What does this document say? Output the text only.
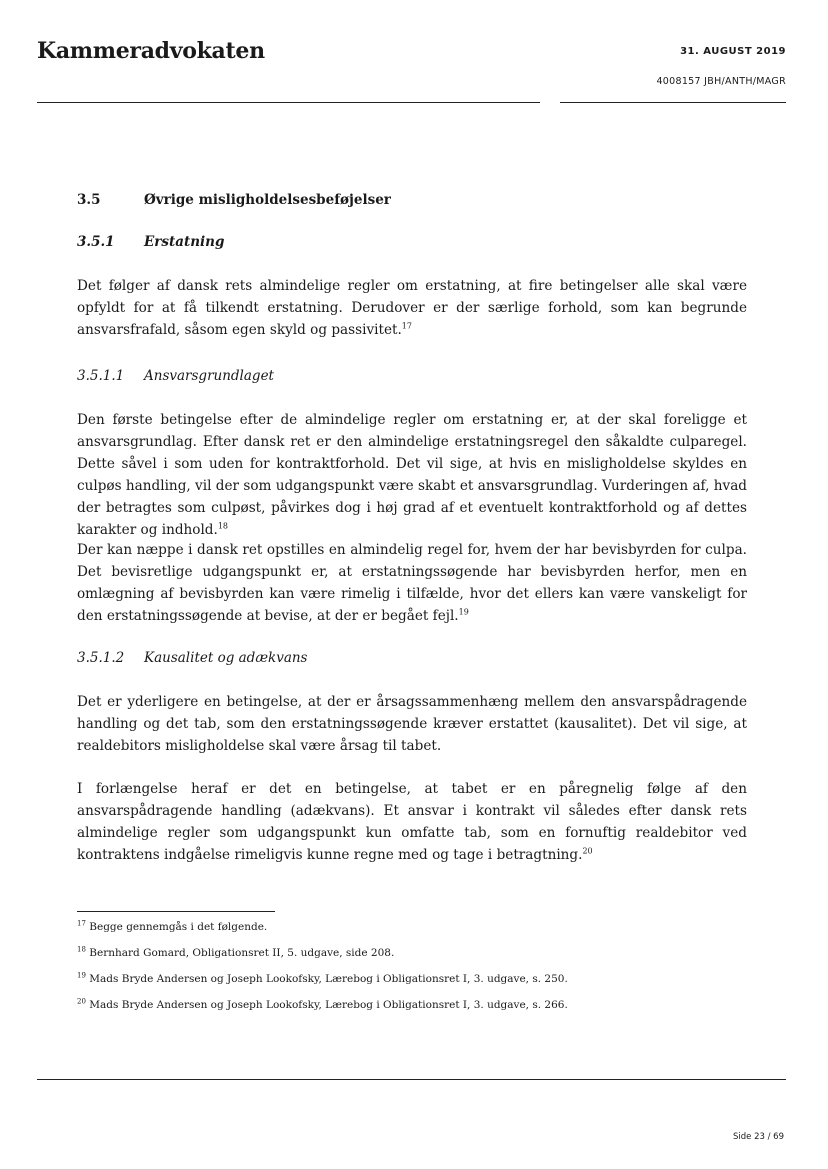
Kammeradvokaten	31. AUGUST 2019
4008157 JBH/ANTH/MAGR
3.5	Øvrige misligholdelsesbeføjelser
3.5.1 Erstatning
Det følger af dansk rets almindelige regler om erstatning, at fire betingelser alle skal være opfyldt for at få tilkendt erstatning. Derudover er der særlige forhold, som kan begrunde ansvarsfrafald, såsom egen skyld og passivitet.$^{17}$
3.5.1.1 Ansvarsgrundlaget
Den første betingelse efter de almindelige regler om erstatning er, at der skal foreligge et ansvarsgrundlag. Efter dansk ret er den almindelige erstatningsregel den såkaldte culparegel. Dette såvel i som uden for kontraktforhold. Det vil sige, at hvis en misligholdelse skyldes en culpøs handling, vil der som udgangspunkt være skabt et ansvarsgrundlag. Vurderingen af, hvad der betragtes som culpøst, påvirkes dog i høj grad af et eventuelt kontraktforhold og af dettes karakter og indhold.$^{18}$
Der kan næppe i dansk ret opstilles en almindelig regel for, hvem der har bevisbyrden for culpa. Det bevisretlige udgangspunkt er, at erstatningssøgende har bevisbyrden herfor, men en omlægning af bevisbyrden kan være rimelig i tilfælde, hvor det ellers kan være vanskeligt for den erstatningssøgende at bevise, at der er begået fejl.$^{19}$
3.5.1.2 Kausalitet og adækvans
Det er yderligere en betingelse, at der er årsagssammenhæng mellem den ansvarspådragende handling og det tab, som den erstatningssøgende kræver erstattet (kausalitet). Det vil sige, at realdebitors misligholdelse skal være årsag til tabet.
I forlængelse heraf er det en betingelse, at tabet er en påregnelig følge af den ansvarspådragende handling (adækvans). Et ansvar i kontrakt vil således efter dansk rets almindelige regler som udgangspunkt kun omfatte tab, som en fornuftig realdebitor ved kontraktens indgåelse rimeligvis kunne regne med og tage i betragtning.$^{20}$
$^{17}$ Begge gennemgås i det følgende.
$^{18}$ Bernhard Gomard, Obligationsret II, 5. udgave, side 208.
$^{19}$ Mads Bryde Andersen og Joseph Lookofsky, Lærebog i Obligationsret I, 3. udgave, s. 250.
$^{20}$ Mads Bryde Andersen og Joseph Lookofsky, Lærebog i Obligationsret I, 3. udgave, s. 266.
Side 23 / 69
